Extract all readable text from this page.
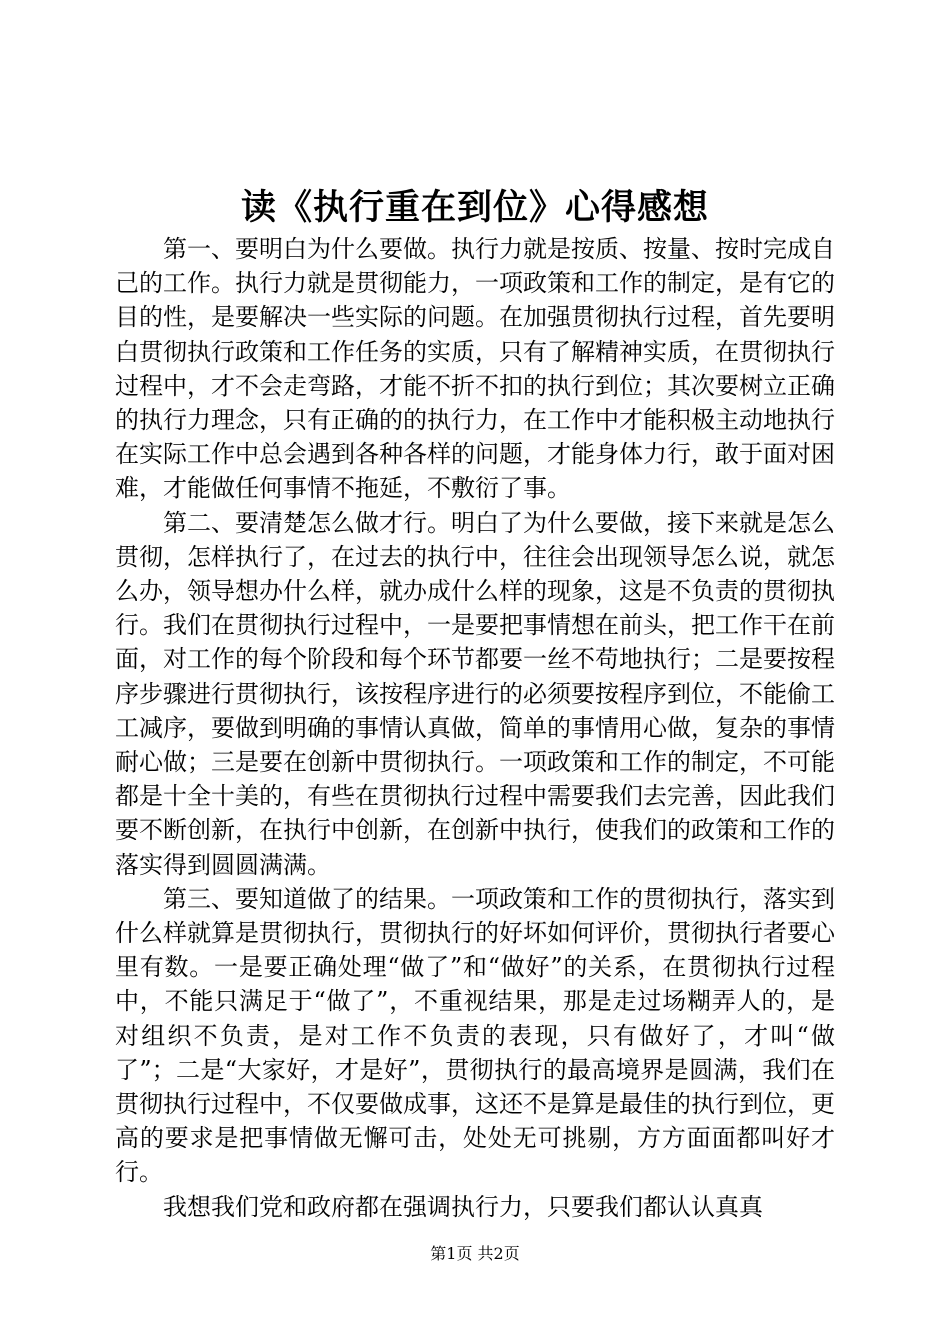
读《执行重在到位》心得感想

第一、要明白为什么要做。执行力就是按质、按量、按时完成自己的工作。执行力就是贯彻能力，一项政策和工作的制定，是有它的目的性，是要解决一些实际的问题。在加强贯彻执行过程，首先要明白贯彻执行政策和工作任务的实质，只有了解精神实质，在贯彻执行过程中，才不会走弯路，才能不折不扣的执行到位；其次要树立正确的执行力理念，只有正确的的执行力，在工作中才能积极主动地执行在实际工作中总会遇到各种各样的问题，才能身体力行，敢于面对困难，才能做任何事情不拖延，不敷衍了事。

第二、要清楚怎么做才行。明白了为什么要做，接下来就是怎么贯彻，怎样执行了，在过去的执行中，往往会出现领导怎么说，就怎么办，领导想办什么样，就办成什么样的现象，这是不负责的贯彻执行。我们在贯彻执行过程中，一是要把事情想在前头，把工作干在前面，对工作的每个阶段和每个环节都要一丝不苟地执行；二是要按程序步骤进行贯彻执行，该按程序进行的必须要按程序到位，不能偷工工减序，要做到明确的事情认真做，简单的事情用心做，复杂的事情耐心做；三是要在创新中贯彻执行。一项政策和工作的制定，不可能都是十全十美的，有些在贯彻执行过程中需要我们去完善，因此我们要不断创新，在执行中创新，在创新中执行，使我们的政策和工作的落实得到圆圆满满。

第三、要知道做了的结果。一项政策和工作的贯彻执行，落实到什么样就算是贯彻执行，贯彻执行的好坏如何评价，贯彻执行者要心里有数。一是要正确处理“做了”和“做好”的关系，在贯彻执行过程中，不能只满足于“做了”，不重视结果，那是走过场糊弄人的，是对组织不负责，是对工作不负责的表现，只有做好了，才叫“做了”；二是“大家好，才是好”，贯彻执行的最高境界是圆满，我们在贯彻执行过程中，不仅要做成事，这还不是算是最佳的执行到位，更高的要求是把事情做无懈可击，处处无可挑剔，方方面面都叫好才行。

我想我们党和政府都在强调执行力，只要我们都认认真真

第1页 共2页
